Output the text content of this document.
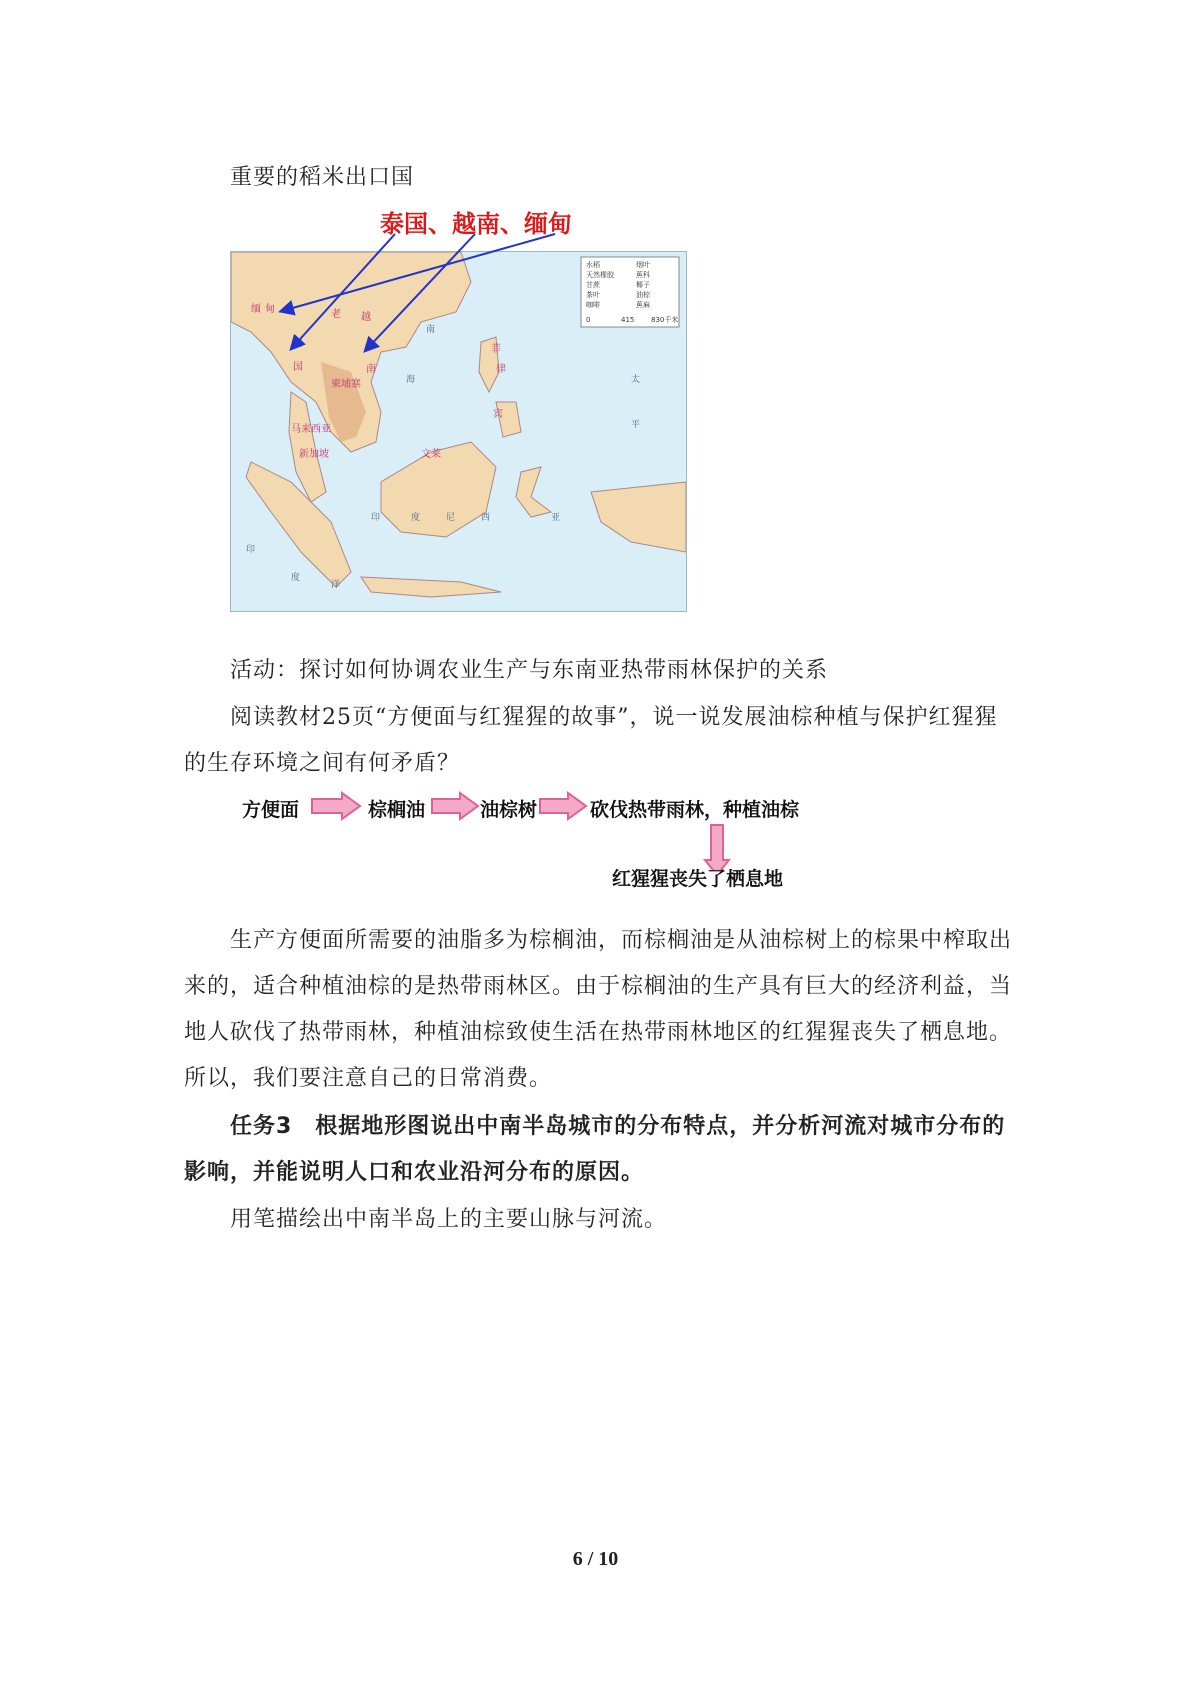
重要的稻米出口国
泰国、越南、缅甸
水稻
天然橡胶
甘蔗
茶叶
咖啡
烟叶
蕉科
椰子
油棕
蕉麻
0	415 830千米
缅 甸	老
泰
国
越
柬埔寨
南
马来西亚
新加坡	文莱
菲
律
宾
南
海
印	度	尼	西	亚
印
度
洋
太
平
活动：探讨如何协调农业生产与东南亚热带雨林保护的关系
阅读教材25页“方便面与红猩猩的故事”，说一说发展油棕种植与保护红猩猩的生存环境之间有何矛盾？
方便面	棕榈油	油棕树	砍伐热带雨林，种植油棕
红猩猩丧失了栖息地
生产方便面所需要的油脂多为棕榈油，而棕榈油是从油棕树上的棕果中榨取出来的，适合种植油棕的是热带雨林区。由于棕榈油的生产具有巨大的经济利益，当地人砍伐了热带雨林，种植油棕致使生活在热带雨林地区的红猩猩丧失了栖息地。所以，我们要注意自己的日常消费。
任务3　根据地形图说出中南半岛城市的分布特点，并分析河流对城市分布的影响，并能说明人口和农业沿河分布的原因。
用笔描绘出中南半岛上的主要山脉与河流。
6 / 10
